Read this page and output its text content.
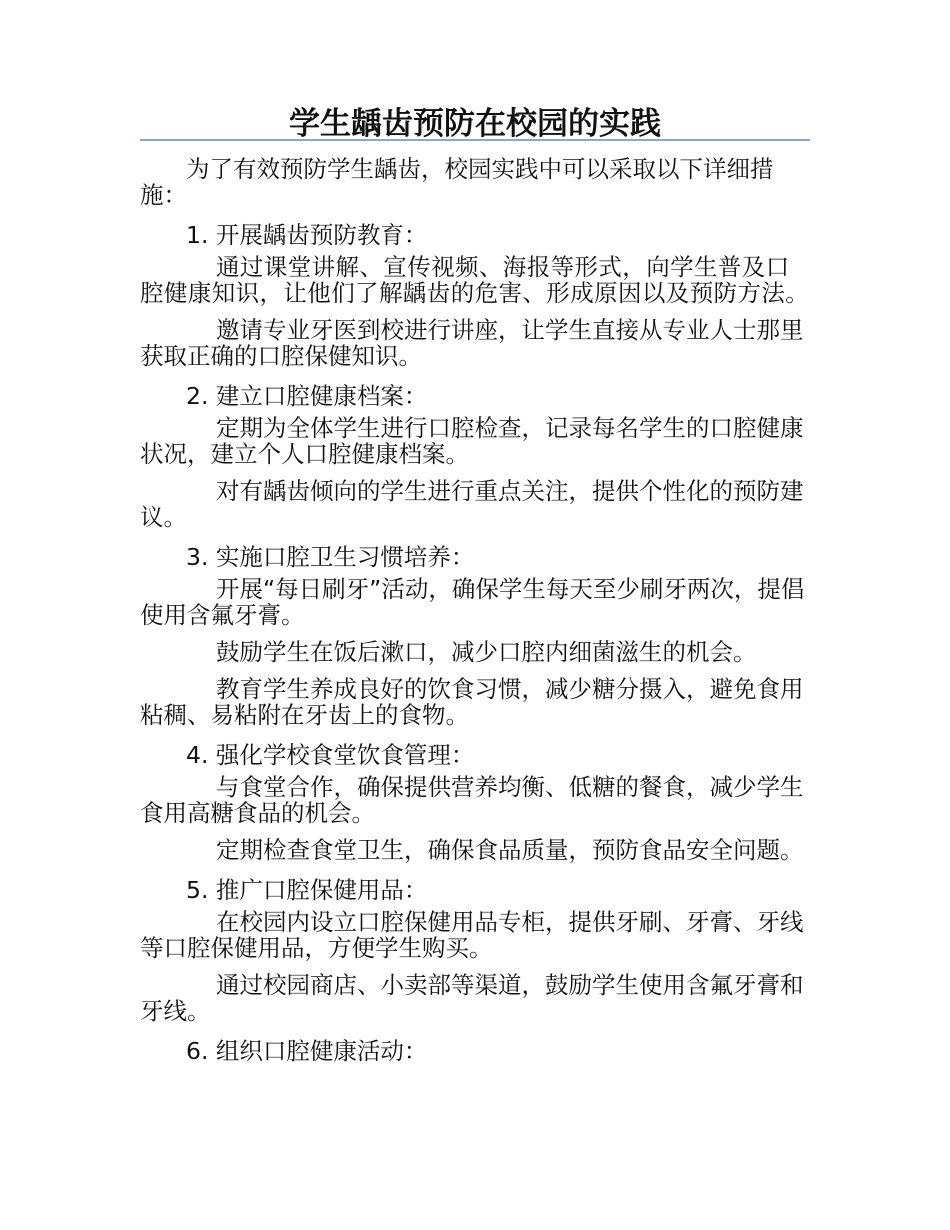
学生龋齿预防在校园的实践

为了有效预防学生龋齿，校园实践中可以采取以下详细措施：

1. 开展龋齿预防教育：

通过课堂讲解、宣传视频、海报等形式，向学生普及口腔健康知识，让他们了解龋齿的危害、形成原因以及预防方法。

邀请专业牙医到校进行讲座，让学生直接从专业人士那里获取正确的口腔保健知识。

2. 建立口腔健康档案：

定期为全体学生进行口腔检查，记录每名学生的口腔健康状况，建立个人口腔健康档案。

对有龋齿倾向的学生进行重点关注，提供个性化的预防建议。

3. 实施口腔卫生习惯培养：

开展“每日刷牙”活动，确保学生每天至少刷牙两次，提倡使用含氟牙膏。

鼓励学生在饭后漱口，减少口腔内细菌滋生的机会。

教育学生养成良好的饮食习惯，减少糖分摄入，避免食用粘稠、易粘附在牙齿上的食物。

4. 强化学校食堂饮食管理：

与食堂合作，确保提供营养均衡、低糖的餐食，减少学生食用高糖食品的机会。

定期检查食堂卫生，确保食品质量，预防食品安全问题。

5. 推广口腔保健用品：

在校园内设立口腔保健用品专柜，提供牙刷、牙膏、牙线等口腔保健用品，方便学生购买。

通过校园商店、小卖部等渠道，鼓励学生使用含氟牙膏和牙线。

6. 组织口腔健康活动：
